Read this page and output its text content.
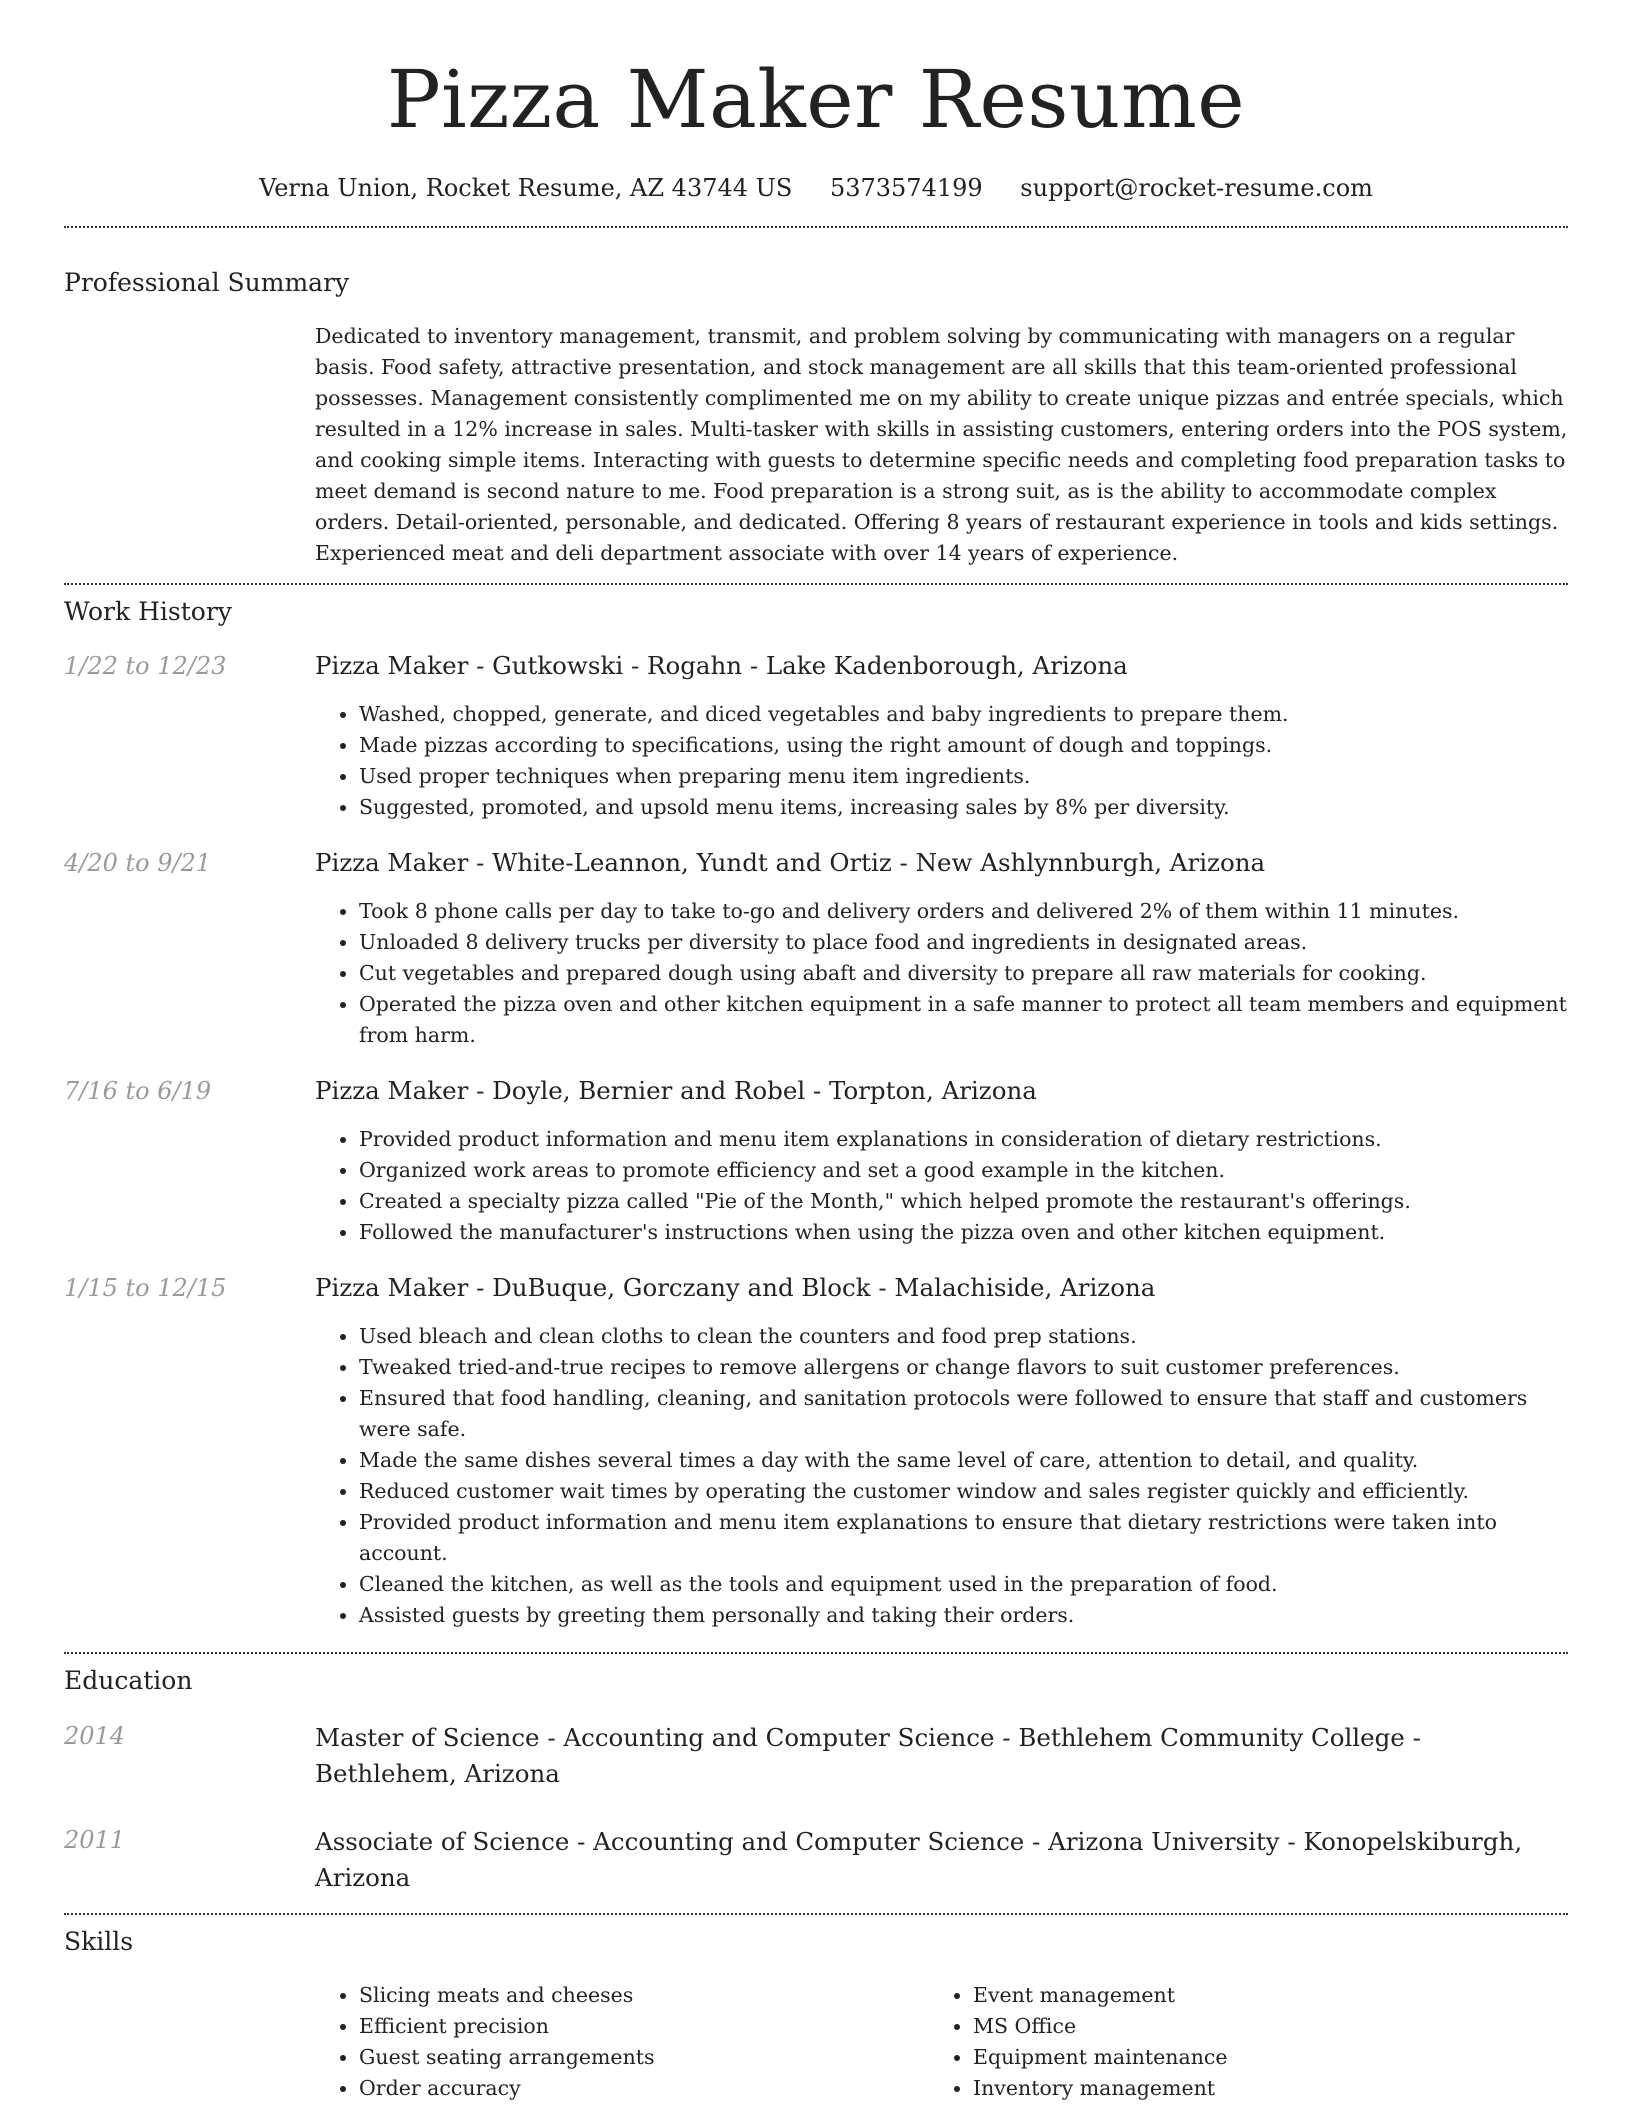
Pizza Maker Resume
Verna Union, Rocket Resume, AZ 43744 US 5373574199 support@rocket-resume.com
Professional Summary

Dedicated to inventory management, transmit, and problem solving by communicating with managers on a regular basis. Food safety, attractive presentation, and stock management are all skills that this team-oriented professional possesses. Management consistently complimented me on my ability to create unique pizzas and entrée specials, which resulted in a 12% increase in sales. Multi-tasker with skills in assisting customers, entering orders into the POS system, and cooking simple items. Interacting with guests to determine specific needs and completing food preparation tasks to meet demand is second nature to me. Food preparation is a strong suit, as is the ability to accommodate complex orders. Detail-oriented, personable, and dedicated. Offering 8 years of restaurant experience in tools and kids settings. Experienced meat and deli department associate with over 14 years of experience.

Work History
1/22 to 12/23	Pizza Maker - Gutkowski - Rogahn - Lake Kadenborough, Arizona

• Washed, chopped, generate, and diced vegetables and baby ingredients to prepare them.
• Made pizzas according to specifications, using the right amount of dough and toppings.
• Used proper techniques when preparing menu item ingredients.
• Suggested, promoted, and upsold menu items, increasing sales by 8% per diversity.
4/20 to 9/21	Pizza Maker - White-Leannon, Yundt and Ortiz - New Ashlynnburgh, Arizona

• Took 8 phone calls per day to take to-go and delivery orders and delivered 2% of them within 11 minutes.
• Unloaded 8 delivery trucks per diversity to place food and ingredients in designated areas.
• Cut vegetables and prepared dough using abaft and diversity to prepare all raw materials for cooking.
• Operated the pizza oven and other kitchen equipment in a safe manner to protect all team members and equipment from harm.
7/16 to 6/19	Pizza Maker - Doyle, Bernier and Robel - Torpton, Arizona

• Provided product information and menu item explanations in consideration of dietary restrictions.
• Organized work areas to promote efficiency and set a good example in the kitchen.
• Created a specialty pizza called "Pie of the Month," which helped promote the restaurant's offerings.
• Followed the manufacturer's instructions when using the pizza oven and other kitchen equipment.
1/15 to 12/15	Pizza Maker - DuBuque, Gorczany and Block - Malachiside, Arizona

• Used bleach and clean cloths to clean the counters and food prep stations.
• Tweaked tried-and-true recipes to remove allergens or change flavors to suit customer preferences.
• Ensured that food handling, cleaning, and sanitation protocols were followed to ensure that staff and customers were safe.
• Made the same dishes several times a day with the same level of care, attention to detail, and quality.
• Reduced customer wait times by operating the customer window and sales register quickly and efficiently.
• Provided product information and menu item explanations to ensure that dietary restrictions were taken into account.
• Cleaned the kitchen, as well as the tools and equipment used in the preparation of food.
• Assisted guests by greeting them personally and taking their orders.
Education
2014	Master of Science - Accounting and Computer Science - Bethlehem Community College - Bethlehem, Arizona

2011	Associate of Science - Accounting and Computer Science - Arizona University - Konopelskiburgh, Arizona

Skills
• Slicing meats and cheeses
• Efficient precision
• Guest seating arrangements
• Order accuracy
• Event management
• MS Office
• Equipment maintenance
• Inventory management
